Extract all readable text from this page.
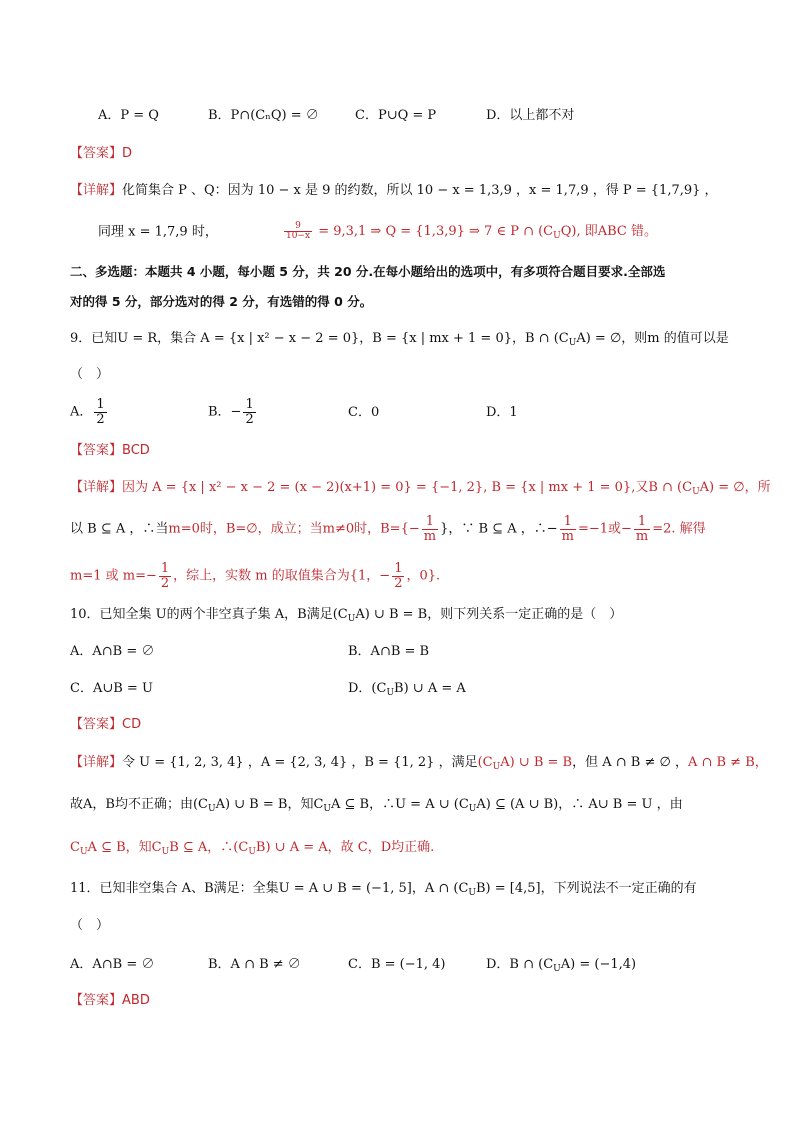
A．P = Q	B．P∩(CₙQ) = ∅	C．P∪Q = P	D．以上都不对
【答案】D
【详解】化简集合 P 、Q：因为 10 − x 是 9 的约数，所以 10 − x = 1,3,9 ，x = 1,7,9 ，得 P = {1,7,9} ，
同理 x = 1,7,9 时，	$\frac{9}{10-x} = 9,3,1$ ⇒ Q = {1,3,9} ⇒ 7 ∈ P ∩ $(C_UQ)$, 即ABC 错。
二、多选题：本题共 4 小题，每小题 5 分，共 20 分.在每小题给出的选项中，有多项符合题目要求.全部选
对的得 5 分，部分选对的得 2 分，有选错的得 0 分。
9．已知U = R，集合 A = {x | x² − x − 2 = 0}，B = {x | mx + 1 = 0}，B ∩ $(C_UA)$ = ∅，则m 的值可以是
（　）
A． $\frac{1}{2}$	B．− $\frac{1}{2}$	C．0	D．1
【答案】BCD
【详解】因为 A = {x | x² − x − 2 = (x − 2)(x+1) = 0} = {−1, 2}, B = {x | mx + 1 = 0},又B ∩ $(C_UA)$ = ∅，所
以 B ⊆ A ，∴当m=0时，B=∅，成立；当m≠0时，$B=\{- \frac{1}{m}$ }，∵ B ⊆ A ，∴− $\frac{1}{m} =-1$或− $\frac{1}{m} =2$. 解得
m=1 或 $m=- \frac{1}{2}$ ，综上，实数 m 的取值集合为{1，− $\frac{1}{2}$ ，0}.
10．已知全集 U的两个非空真子集 A，B满足$(C_UA)$ ∪ B = B，则下列关系一定正确的是（　）
A．A∩B = ∅	B．A∩B = B
C．A∪B = U	D．$(C_UB)$ ∪ A = A
【答案】CD
【详解】令 U = {1, 2, 3, 4} ，A = {2, 3, 4} ，B = {1, 2} ，满足$(C_UA)$ ∪ B = B，但 A ∩ B ≠ ∅ ，A ∩ B ≠ B，
故A，B均不正确；由$(C_UA)$ ∪ B = B，知$C_UA$ ⊆ B，∴U = A ∪ $(C_UA)$ ⊆ (A ∪ B)，∴ A∪ B = U ，由
$C_UA$ ⊆ B，知$C_UB$ ⊆ A，$\therefore(C_UB)$ ∪ A = A，故 C，D均正确.
11．已知非空集合 A、B满足：全集U = A ∪ B = (−1, 5]，A ∩ $(C_UB) = [4,5]$，下列说法不一定正确的有
（　）
A．A∩B = ∅	B．A ∩ B ≠ ∅	C．B = (−1, 4)	D．B ∩ $(C_UA) = (-1,4)$
【答案】ABD
